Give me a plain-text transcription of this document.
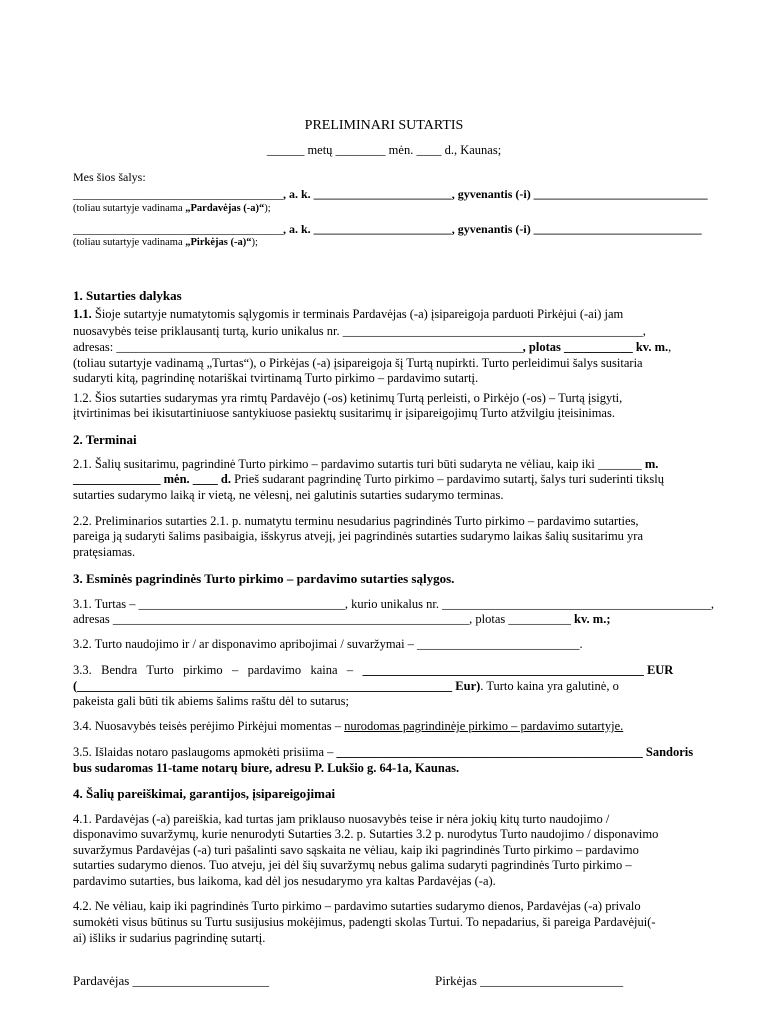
PRELIMINARI SUTARTIS
______ metų ________ mėn. ____ d., Kaunas;
Mes šios šalys:
___________________________________, a. k. _______________________, gyvenantis (-i) _____________________________
(toliau sutartyje vadinama „Pardavėjas (-a)“);
___________________________________, a. k. _______________________, gyvenantis (-i) ____________________________
(toliau sutartyje vadinama „Pirkėjas (-a)“);
1. Sutarties dalykas
1.1. Šioje sutartyje numatytomis sąlygomis ir terminais Pardavėjas (-a) įsipareigoja parduoti Pirkėjui (-ai) jam
nuosavybės teise priklausantį turtą, kurio unikalus nr. ________________________________________________,
adresas: _________________________________________________________________, plotas ___________ kv. m.,
(toliau sutartyje vadinamą „Turtas“), o Pirkėjas (-a) įsipareigoja šį Turtą nupirkti. Turto perleidimui šalys susitaria
sudaryti kitą, pagrindinę notariškai tvirtinamą Turto pirkimo – pardavimo sutartį.
1.2. Šios sutarties sudarymas yra rimtų Pardavėjo (-os) ketinimų Turtą perleisti, o Pirkėjo (-os) – Turtą įsigyti,
įtvirtinimas bei ikisutartiniuose santykiuose pasiektų susitarimų ir įsipareigojimų Turto atžvilgiu įteisinimas.
2. Terminai
2.1. Šalių susitarimu, pagrindinė Turto pirkimo – pardavimo sutartis turi būti sudaryta ne vėliau, kaip iki _______ m.
______________ mėn. ____ d. Prieš sudarant pagrindinę Turto pirkimo – pardavimo sutartį, šalys turi suderinti tikslų
sutarties sudarymo laiką ir vietą, ne vėlesnį, nei galutinis sutarties sudarymo terminas.
2.2. Preliminarios sutarties 2.1. p. numatytu terminu nesudarius pagrindinės Turto pirkimo – pardavimo sutarties,
pareiga ją sudaryti šalims pasibaigia, išskyrus atvejį, jei pagrindinės sutarties sudarymo laikas šalių susitarimu yra
pratęsiamas.
3. Esminės pagrindinės Turto pirkimo – pardavimo sutarties sąlygos.
3.1. Turtas – _________________________________, kurio unikalus nr. ___________________________________________,
adresas _________________________________________________________, plotas __________ kv. m.;
3.2. Turto naudojimo ir / ar disponavimo apribojimai / suvaržymai – __________________________.
3.3.   Bendra   Turto   pirkimo   –   pardavimo   kaina   –   _____________________________________________ EUR
(____________________________________________________________ Eur). Turto kaina yra galutinė, o
pakeista gali būti tik abiems šalims raštu dėl to sutarus;
3.4. Nuosavybės teisės perėjimo Pirkėjui momentas – nurodomas pagrindinėje pirkimo – pardavimo sutartyje.
3.5. Išlaidas notaro paslaugoms apmokėti prisiima – _________________________________________________ Sandoris
bus sudaromas 11-tame notarų biure, adresu P. Lukšio g. 64-1a, Kaunas.
4. Šalių pareiškimai, garantijos, įsipareigojimai
4.1. Pardavėjas (-a) pareiškia, kad turtas jam priklauso nuosavybės teise ir nėra jokių kitų turto naudojimo /
disponavimo suvaržymų, kurie nenurodyti Sutarties 3.2. p. Sutarties 3.2 p. nurodytus Turto naudojimo / disponavimo
suvaržymus Pardavėjas (-a) turi pašalinti savo sąskaita ne vėliau, kaip iki pagrindinės Turto pirkimo – pardavimo
sutarties sudarymo dienos. Tuo atveju, jei dėl šių suvaržymų nebus galima sudaryti pagrindinės Turto pirkimo –
pardavimo sutarties, bus laikoma, kad dėl jos nesudarymo yra kaltas Pardavėjas (-a).
4.2. Ne vėliau, kaip iki pagrindinės Turto pirkimo – pardavimo sutarties sudarymo dienos, Pardavėjas (-a) privalo
sumokėti visus būtinus su Turtu susijusius mokėjimus, padengti skolas Turtui. To nepadarius, ši pareiga Pardavėjui(-
ai) išliks ir sudarius pagrindinę sutartį.
Pardavėjas _____________________	Pirkėjas ______________________
